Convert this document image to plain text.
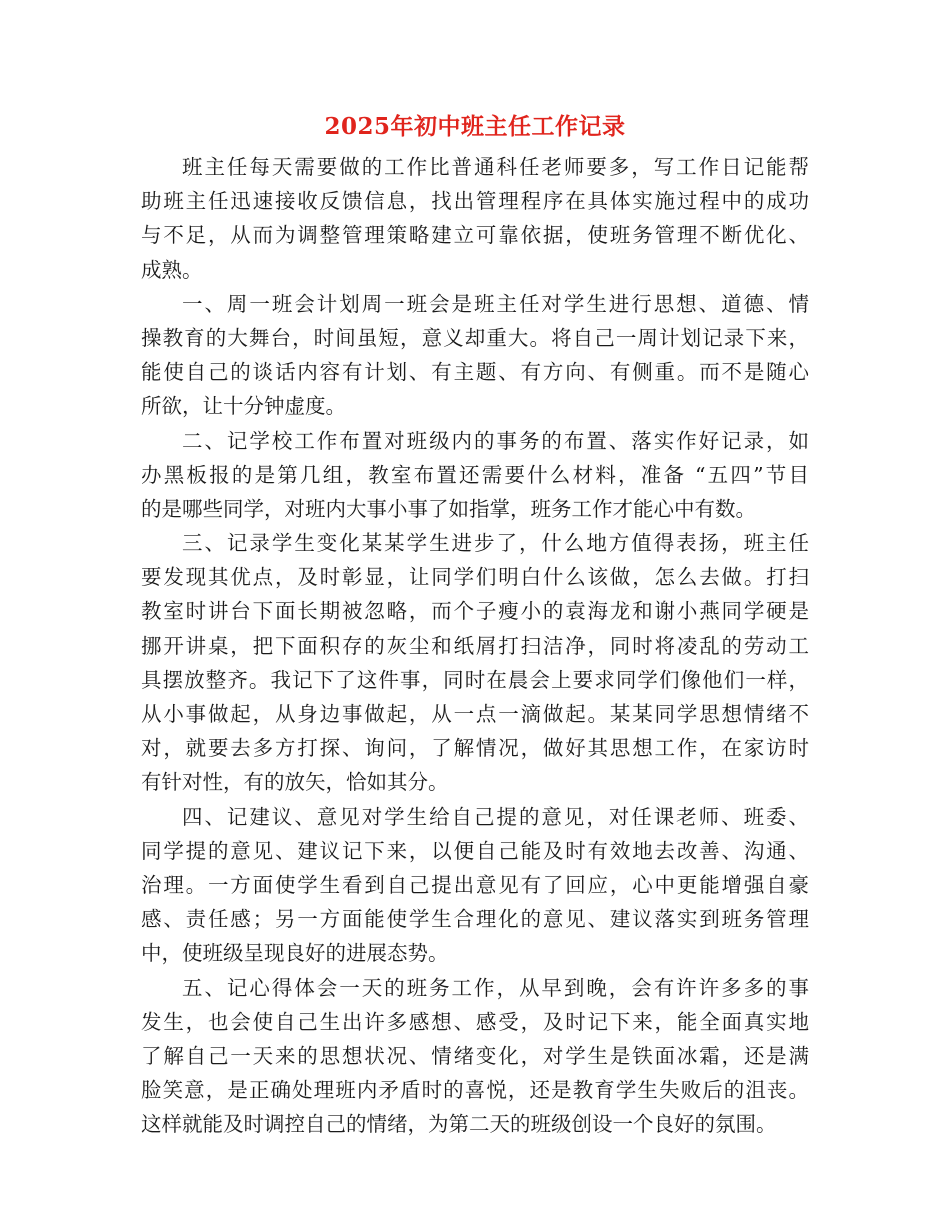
2025年初中班主任工作记录
班主任每天需要做的工作比普通科任老师要多，写工作日记能帮
助班主任迅速接收反馈信息，找出管理程序在具体实施过程中的成功
与不足，从而为调整管理策略建立可靠依据，使班务管理不断优化、
成熟。
一、周一班会计划周一班会是班主任对学生进行思想、道德、情
操教育的大舞台，时间虽短，意义却重大。将自己一周计划记录下来，
能使自己的谈话内容有计划、有主题、有方向、有侧重。而不是随心
所欲，让十分钟虚度。
二、记学校工作布置对班级内的事务的布置、落实作好记录，如
办黑板报的是第几组，教室布置还需要什么材料，准备 “五四”节目
的是哪些同学，对班内大事小事了如指掌，班务工作才能心中有数。
三、记录学生变化某某学生进步了，什么地方值得表扬，班主任
要发现其优点，及时彰显，让同学们明白什么该做，怎么去做。打扫
教室时讲台下面长期被忽略，而个子瘦小的袁海龙和谢小燕同学硬是
挪开讲桌，把下面积存的灰尘和纸屑打扫洁净，同时将凌乱的劳动工
具摆放整齐。我记下了这件事，同时在晨会上要求同学们像他们一样，
从小事做起，从身边事做起，从一点一滴做起。某某同学思想情绪不
对，就要去多方打探、询问，了解情况，做好其思想工作，在家访时
有针对性，有的放矢，恰如其分。
四、记建议、意见对学生给自己提的意见，对任课老师、班委、
同学提的意见、建议记下来，以便自己能及时有效地去改善、沟通、
治理。一方面使学生看到自己提出意见有了回应，心中更能增强自豪
感、责任感；另一方面能使学生合理化的意见、建议落实到班务管理
中，使班级呈现良好的进展态势。
五、记心得体会一天的班务工作，从早到晚，会有许许多多的事
发生，也会使自己生出许多感想、感受，及时记下来，能全面真实地
了解自己一天来的思想状况、情绪变化，对学生是铁面冰霜，还是满
脸笑意，是正确处理班内矛盾时的喜悦，还是教育学生失败后的沮丧。
这样就能及时调控自己的情绪，为第二天的班级创设一个良好的氛围。
